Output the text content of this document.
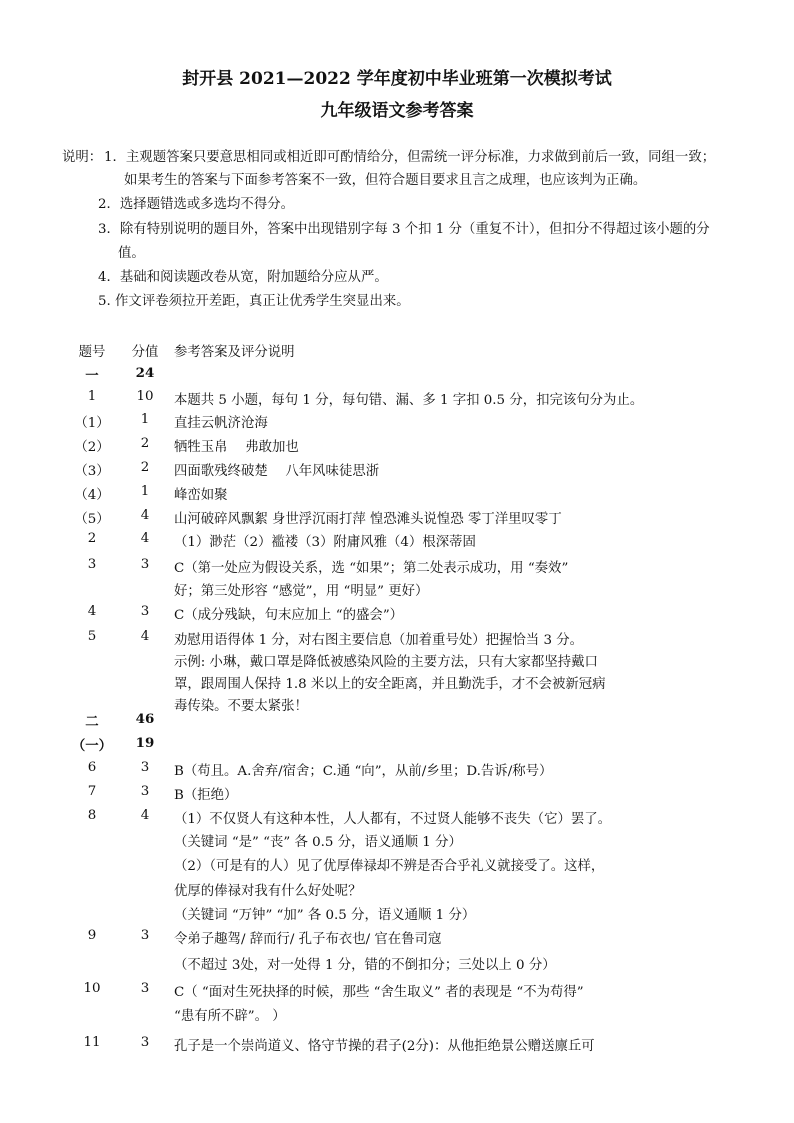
封开县 2021—2022 学年度初中毕业班第一次模拟考试
九年级语文参考答案
说明： 1．主观题答案只要意思相同或相近即可酌情给分，但需统一评分标准，力求做到前后一致，同组一致；
如果考生的答案与下面参考答案不一致，但符合题目要求且言之成理，也应该判为正确。
2．选择题错选或多选均不得分。
3．除有特别说明的题目外，答案中出现错别字每 3 个扣 1 分（重复不计），但扣分不得超过该小题的分
值。
4．基础和阅读题改卷从宽，附加题给分应从严。
5. 作文评卷须拉开差距，真正让优秀学生突显出来。
题号	分值	参考答案及评分说明
一	24
1	10	本题共 5 小题，每句 1 分，每句错、漏、多 1 字扣 0.5 分，扣完该句分为止。
（1）	1	直挂云帆济沧海
（2）	2	牺牲玉帛　 弗敢加也
（3）	2	四面歌残终破楚　 八年风味徒思浙
（4）	1	峰峦如聚
（5）	4	山河破碎风飘絮 身世浮沉雨打萍 惶恐滩头说惶恐 零丁洋里叹零丁
2	4	（1）渺茫（2）褴褛（3）附庸风雅（4）根深蒂固
3	3	C（第一处应为假设关系，选 “如果”；第二处表示成功，用 “奏效”
好；第三处形容 “感觉”，用 “明显” 更好）
4	3	C（成分残缺，句末应加上 “的盛会”）
5	4	劝慰用语得体 1 分，对右图主要信息（加着重号处）把握恰当 3 分。
示例: 小琳，戴口罩是降低被感染风险的主要方法，只有大家都坚持戴口
罩，跟周围人保持 1.8 米以上的安全距离，并且勤洗手，才不会被新冠病
毒传染。不要太紧张！
二	46
（一）	19
6	3	B（苟且。A.舍弃/宿舍；C.通 “向”，从前/乡里；D.告诉/称号）
7	3	B（拒绝）
8	4	（1）不仅贤人有这种本性，人人都有，不过贤人能够不丧失（它）罢了。
（关键词 “是” “丧” 各 0.5 分，语义通顺 1 分）
（2）（可是有的人）见了优厚俸禄却不辨是否合乎礼义就接受了。这样，
优厚的俸禄对我有什么好处呢？
（关键词 “万钟” “加” 各 0.5 分，语义通顺 1 分）
9	3	令弟子趣驾/ 辞而行/ 孔子布衣也/ 官在鲁司寇
（不超过 3处，对一处得 1 分，错的不倒扣分；三处以上 0 分）
10	3	C（ “面对生死抉择的时候，那些 “舍生取义” 者的表现是 “不为苟得”
“患有所不辟”。 ）
11	3	孔子是一个崇尚道义、恪守节操的君子(2分)：从他拒绝景公赠送廪丘可
